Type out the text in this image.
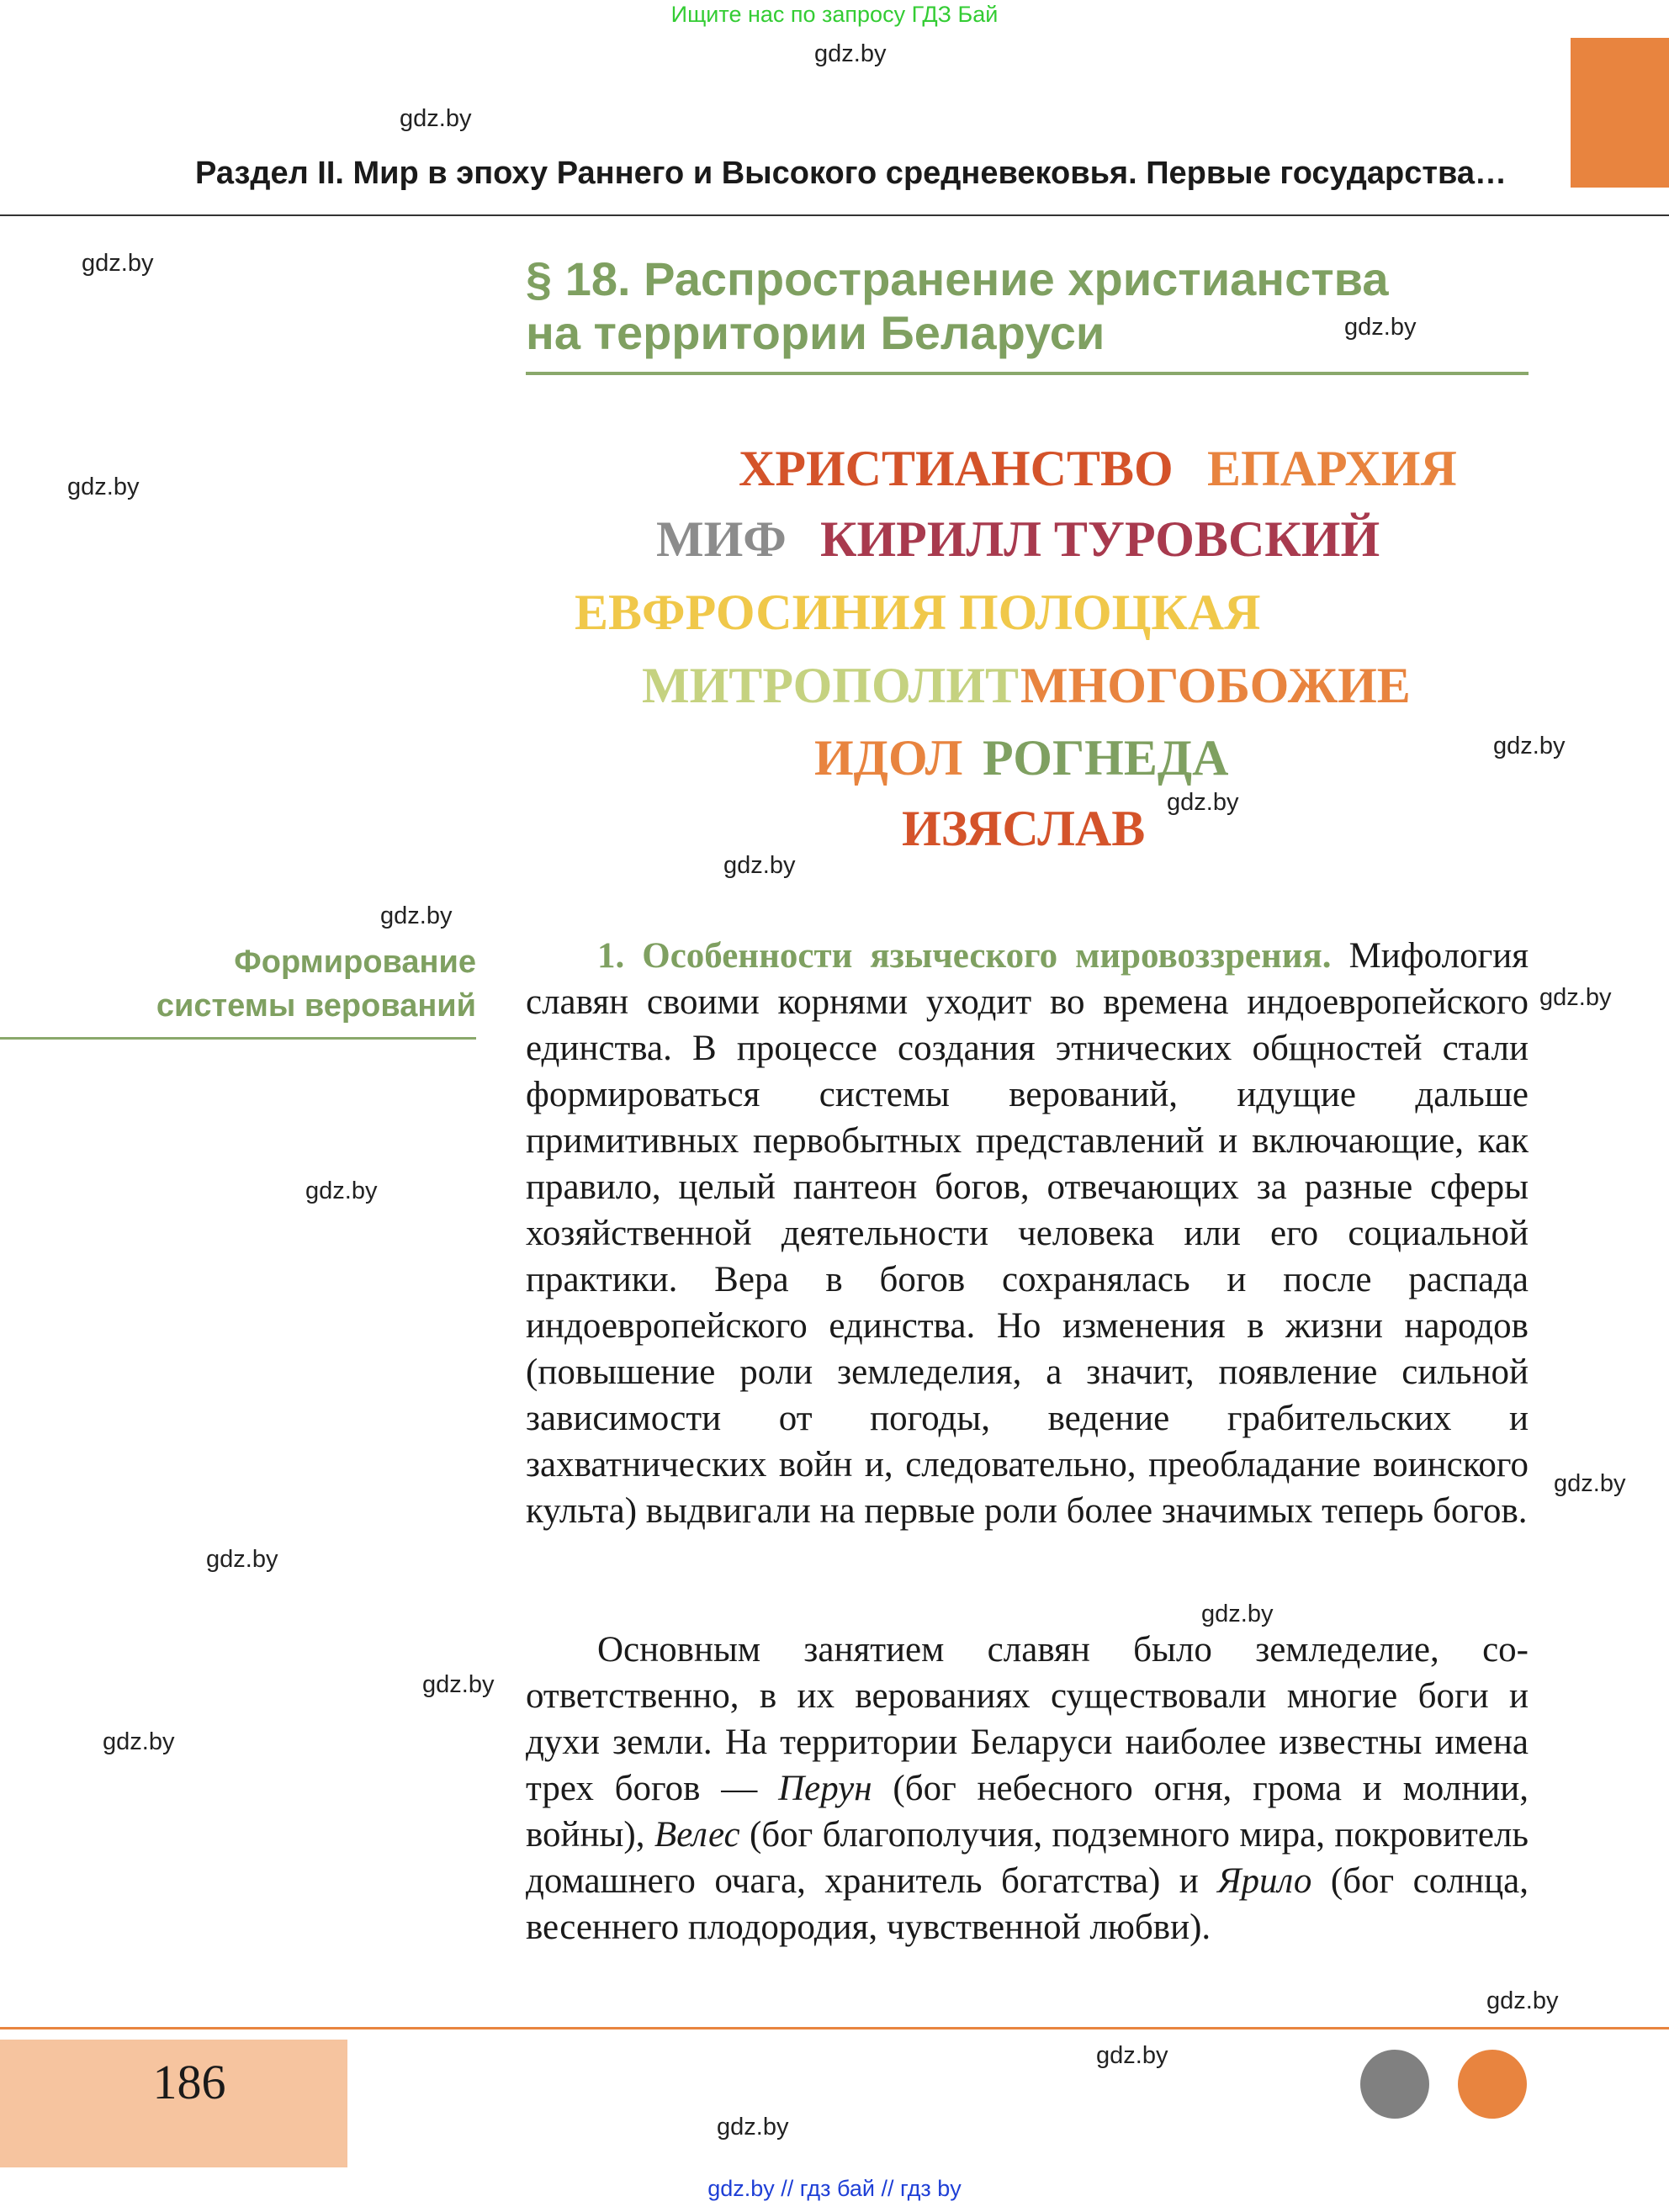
Ищите нас по запросу ГДЗ Бай
Раздел II. Мир в эпоху Раннего и Высокого средневековья. Первые государства…
§ 18. Распространение христианства
на территории Беларуси
ХРИСТИАНСТВО ЕПАРХИЯ
МИФ КИРИЛЛ ТУРОВСКИЙ
ЕВФРОСИНИЯ ПОЛОЦКАЯ
МИТРОПОЛИТ МНОГОБОЖИЕ
ИДОЛ РОГНЕДА
ИЗЯСЛАВ
Формирование
системы верований
1. Особенности языческого мировоззрения. Мифология славян своими корнями уходит во времена индоевропейского единства. В процессе создания этнических общностей стали формироваться системы верований, идущие дальше примитивных первобытных представлений и включающие, как правило, целый пантеон богов, отвечающих за разные сферы хозяйственной деятельности человека или его социальной практики. Вера в богов сохранялась и после распада индоевропейского единства. Но изменения в жизни народов (повышение роли земледелия, а значит, появление сильной зависимости от погоды, ведение грабительских и захватнических войн и, следовательно, преобладание воинского культа) выдвигали на первые роли более значимых теперь богов.
Основным занятием славян было земледелие, соответственно, в их верованиях существовали многие боги и духи земли. На территории Беларуси наиболее известны имена трех богов — Перун (бог небесного огня, грома и молнии, войны), Велес (бог благополучия, подземного мира, покровитель домашнего очага, хранитель богатства) и Ярило (бог солнца, весеннего плодородия, чувственной любви).
186
gdz.by // гдз бай // гдз by
gdz.by
gdz.by
gdz.by
gdz.by
gdz.by
gdz.by
gdz.by
gdz.by
gdz.by
gdz.by
gdz.by
gdz.by
gdz.by
gdz.by
gdz.by
gdz.by
gdz.by
gdz.by
gdz.by
